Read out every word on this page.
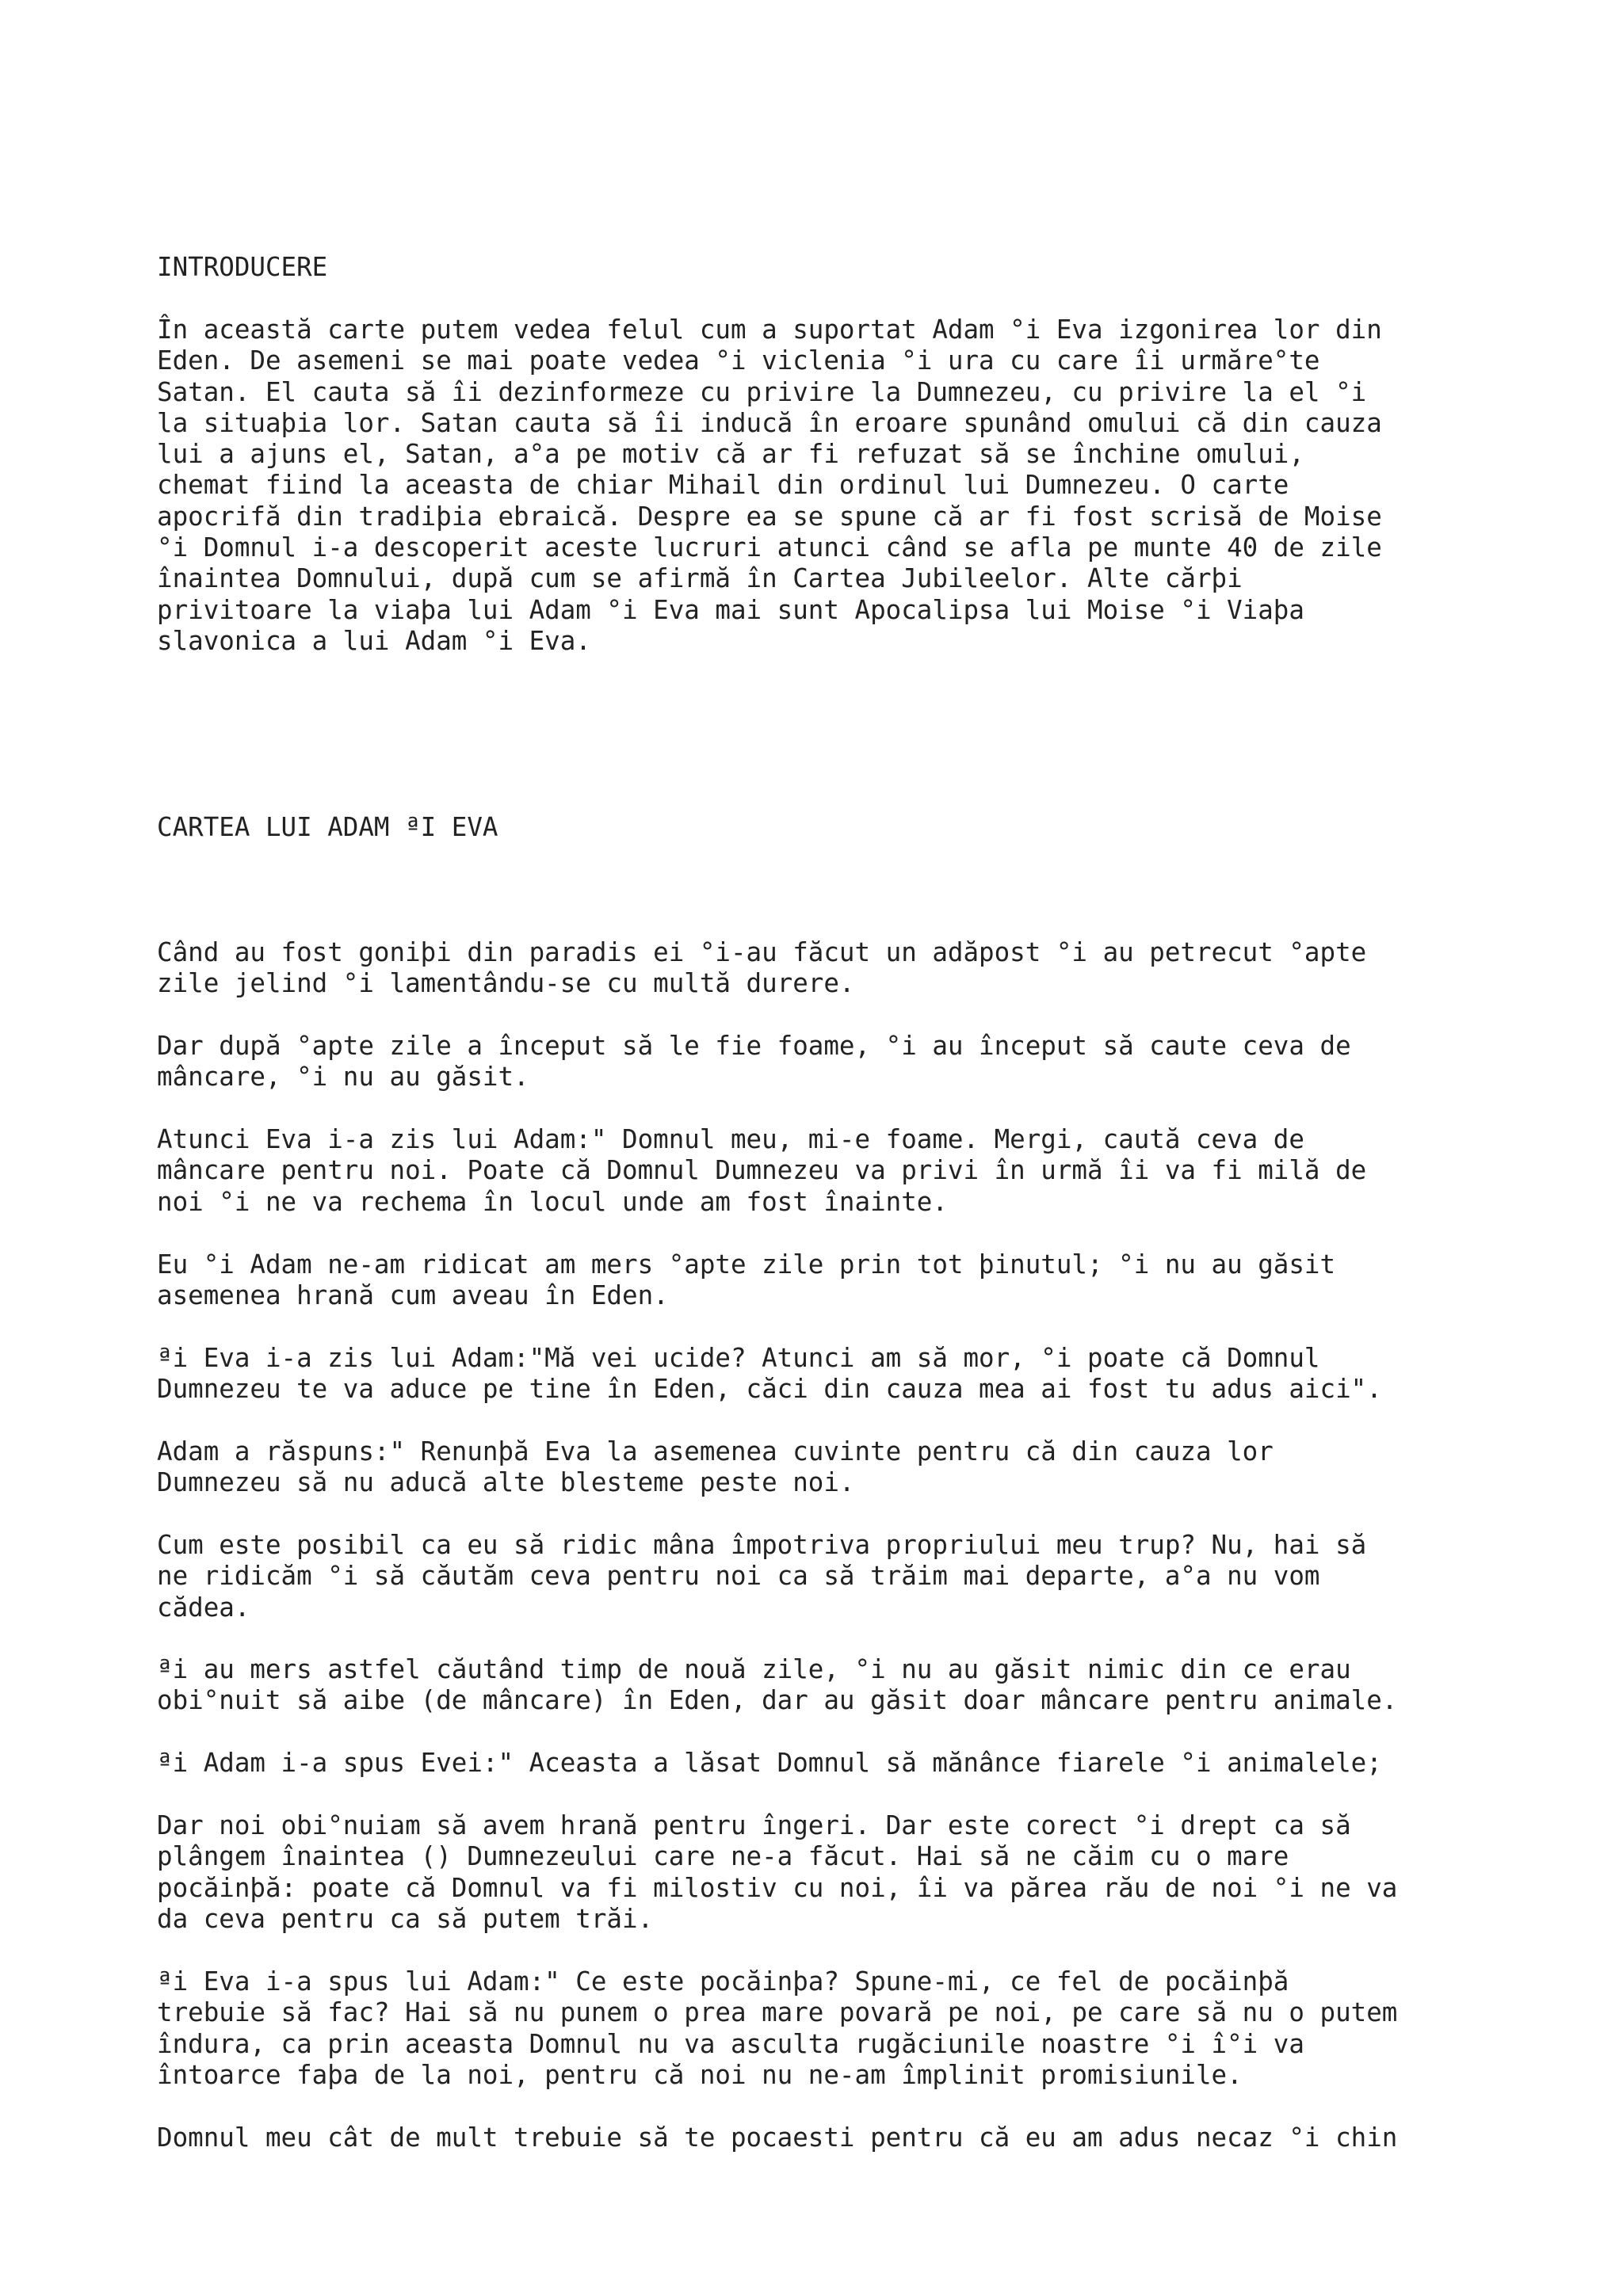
INTRODUCERE
În această carte putem vedea felul cum a suportat Adam °i Eva izgonirea lor din
Eden. De asemeni se mai poate vedea °i viclenia °i ura cu care îi urmăre°te
Satan. El cauta să îi dezinformeze cu privire la Dumnezeu, cu privire la el °i
la situaþia lor. Satan cauta să îi inducă în eroare spunând omului că din cauza
lui a ajuns el, Satan, a°a pe motiv că ar fi refuzat să se închine omului,
chemat fiind la aceasta de chiar Mihail din ordinul lui Dumnezeu. O carte
apocrifă din tradiþia ebraică. Despre ea se spune că ar fi fost scrisă de Moise
°i Domnul i-a descoperit aceste lucruri atunci când se afla pe munte 40 de zile
înaintea Domnului, după cum se afirmă în Cartea Jubileelor. Alte cărþi
privitoare la viaþa lui Adam °i Eva mai sunt Apocalipsa lui Moise °i Viaþa
slavonica a lui Adam °i Eva.
CARTEA LUI ADAM ªI EVA
Când au fost goniþi din paradis ei °i-au făcut un adăpost °i au petrecut °apte
zile jelind °i lamentându-se cu multă durere.
Dar după °apte zile a început să le fie foame, °i au început să caute ceva de
mâncare, °i nu au găsit.
Atunci Eva i-a zis lui Adam:" Domnul meu, mi-e foame. Mergi, caută ceva de
mâncare pentru noi. Poate că Domnul Dumnezeu va privi în urmă îi va fi milă de
noi °i ne va rechema în locul unde am fost înainte.
Eu °i Adam ne-am ridicat am mers °apte zile prin tot þinutul; °i nu au găsit
asemenea hrană cum aveau în Eden.
ªi Eva i-a zis lui Adam:"Mă vei ucide? Atunci am să mor, °i poate că Domnul
Dumnezeu te va aduce pe tine în Eden, căci din cauza mea ai fost tu adus aici".
Adam a răspuns:" Renunþă Eva la asemenea cuvinte pentru că din cauza lor
Dumnezeu să nu aducă alte blesteme peste noi.
Cum este posibil ca eu să ridic mâna împotriva propriului meu trup? Nu, hai să
ne ridicăm °i să căutăm ceva pentru noi ca să trăim mai departe, a°a nu vom
cădea.
ªi au mers astfel căutând timp de nouă zile, °i nu au găsit nimic din ce erau
obi°nuit să aibe (de mâncare) în Eden, dar au găsit doar mâncare pentru animale.
ªi Adam i-a spus Evei:" Aceasta a lăsat Domnul să mănânce fiarele °i animalele;
Dar noi obi°nuiam să avem hrană pentru îngeri. Dar este corect °i drept ca să
plângem înaintea () Dumnezeului care ne-a făcut. Hai să ne căim cu o mare
pocăinþă: poate că Domnul va fi milostiv cu noi, îi va părea rău de noi °i ne va
da ceva pentru ca să putem trăi.
ªi Eva i-a spus lui Adam:" Ce este pocăinþa? Spune-mi, ce fel de pocăinþă
trebuie să fac? Hai să nu punem o prea mare povară pe noi, pe care să nu o putem
îndura, ca prin aceasta Domnul nu va asculta rugăciunile noastre °i î°i va
întoarce faþa de la noi, pentru că noi nu ne-am împlinit promisiunile.
Domnul meu cât de mult trebuie să te pocaesti pentru că eu am adus necaz °i chin
